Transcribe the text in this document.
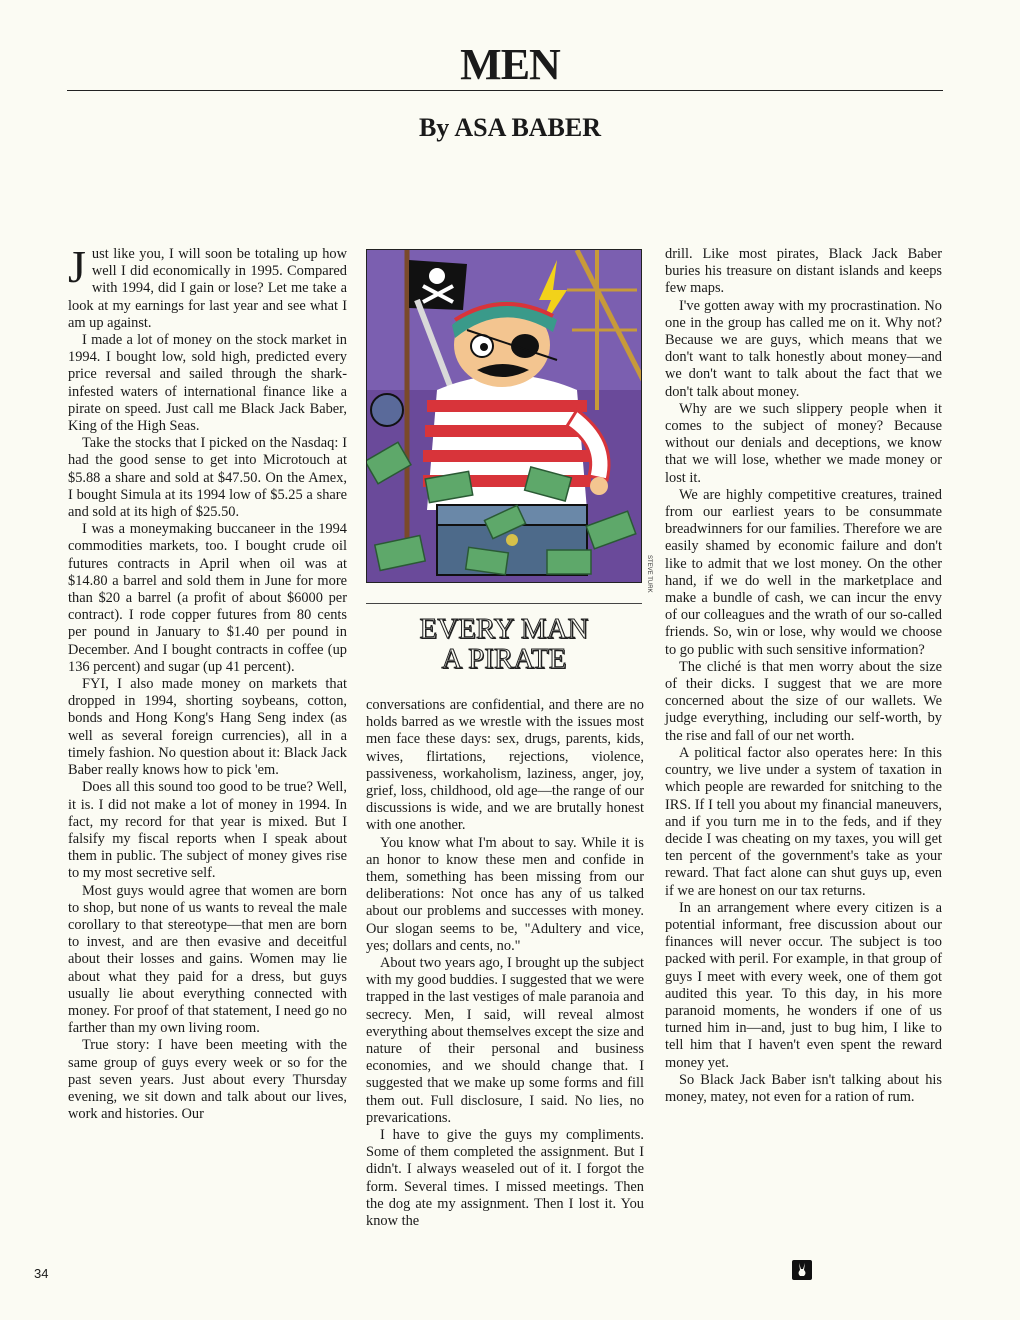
MEN
By ASA BABER

Just like you, I will soon be totaling up how well I did economically in 1995. Compared with 1994, did I gain or lose? Let me take a look at my earnings for last year and see what I am up against.

I made a lot of money on the stock market in 1994. I bought low, sold high, predicted every price reversal and sailed through the shark-infested waters of international finance like a pirate on speed. Just call me Black Jack Baber, King of the High Seas.

Take the stocks that I picked on the Nasdaq: I had the good sense to get into Microtouch at $5.88 a share and sold at $47.50. On the Amex, I bought Simula at its 1994 low of $5.25 a share and sold at its high of $25.50.

I was a moneymaking buccaneer in the 1994 commodities markets, too. I bought crude oil futures contracts in April when oil was at $14.80 a barrel and sold them in June for more than $20 a barrel (a profit of about $6000 per contract). I rode copper futures from 80 cents per pound in January to $1.40 per pound in December. And I bought contracts in coffee (up 136 percent) and sugar (up 41 percent).

FYI, I also made money on markets that dropped in 1994, shorting soybeans, cotton, bonds and Hong Kong's Hang Seng index (as well as several foreign currencies), all in a timely fashion. No question about it: Black Jack Baber really knows how to pick 'em.

Does all this sound too good to be true? Well, it is. I did not make a lot of money in 1994. In fact, my record for that year is mixed. But I falsify my fiscal reports when I speak about them in public. The subject of money gives rise to my most secretive self.

Most guys would agree that women are born to shop, but none of us wants to reveal the male corollary to that stereotype—that men are born to invest, and are then evasive and deceitful about their losses and gains. Women may lie about what they paid for a dress, but guys usually lie about everything connected with money. For proof of that statement, I need go no farther than my own living room.

True story: I have been meeting with the same group of guys every week or so for the past seven years. Just about every Thursday evening, we sit down and talk about our lives, work and histories. Our

STEVE TURK
EVERY MAN
A PIRATE

conversations are confidential, and there are no holds barred as we wrestle with the issues most men face these days: sex, drugs, parents, kids, wives, flirtations, rejections, violence, passiveness, workaholism, laziness, anger, joy, grief, loss, childhood, old age—the range of our discussions is wide, and we are brutally honest with one another.

You know what I'm about to say. While it is an honor to know these men and confide in them, something has been missing from our deliberations: Not once has any of us talked about our problems and successes with money. Our slogan seems to be, "Adultery and vice, yes; dollars and cents, no."

About two years ago, I brought up the subject with my good buddies. I suggested that we were trapped in the last vestiges of male paranoia and secrecy. Men, I said, will reveal almost everything about themselves except the size and nature of their personal and business economies, and we should change that. I suggested that we make up some forms and fill them out. Full disclosure, I said. No lies, no prevarications.

I have to give the guys my compliments. Some of them completed the assignment. But I didn't. I always weaseled out of it. I forgot the form. Several times. I missed meetings. Then the dog ate my assignment. Then I lost it. You know the

drill. Like most pirates, Black Jack Baber buries his treasure on distant islands and keeps few maps.

I've gotten away with my procrastination. No one in the group has called me on it. Why not? Because we are guys, which means that we don't want to talk honestly about money—and we don't want to talk about the fact that we don't talk about money.

Why are we such slippery people when it comes to the subject of money? Because without our denials and deceptions, we know that we will lose, whether we made money or lost it.

We are highly competitive creatures, trained from our earliest years to be consummate breadwinners for our families. Therefore we are easily shamed by economic failure and don't like to admit that we lost money. On the other hand, if we do well in the marketplace and make a bundle of cash, we can incur the envy of our colleagues and the wrath of our so-called friends. So, win or lose, why would we choose to go public with such sensitive information?

The cliché is that men worry about the size of their dicks. I suggest that we are more concerned about the size of our wallets. We judge everything, including our self-worth, by the rise and fall of our net worth.

A political factor also operates here: In this country, we live under a system of taxation in which people are rewarded for snitching to the IRS. If I tell you about my financial maneuvers, and if you turn me in to the feds, and if they decide I was cheating on my taxes, you will get ten percent of the government's take as your reward. That fact alone can shut guys up, even if we are honest on our tax returns.

In an arrangement where every citizen is a potential informant, free discussion about our finances will never occur. The subject is too packed with peril. For example, in that group of guys I meet with every week, one of them got audited this year. To this day, in his more paranoid moments, he wonders if one of us turned him in—and, just to bug him, I like to tell him that I haven't even spent the reward money yet.

So Black Jack Baber isn't talking about his money, matey, not even for a ration of rum.

34
